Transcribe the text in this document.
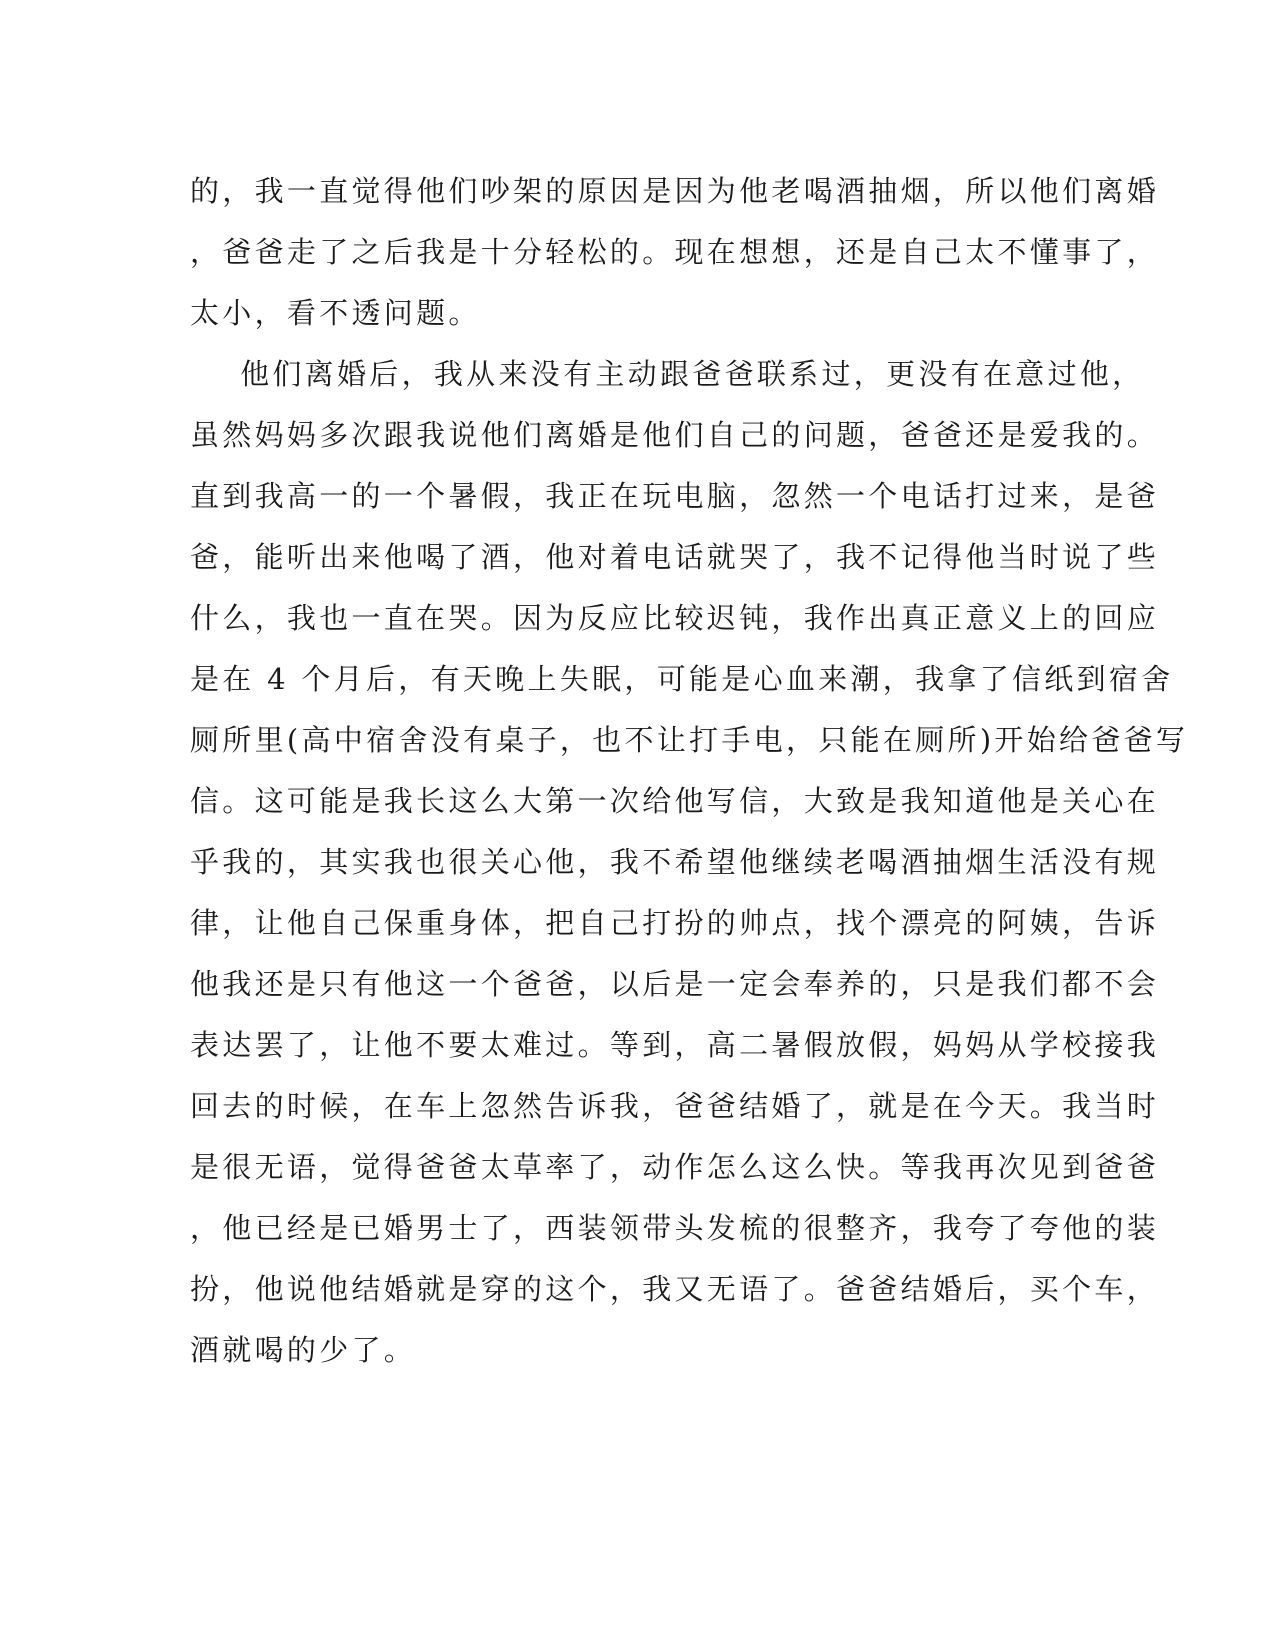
的，我一直觉得他们吵架的原因是因为他老喝酒抽烟，所以他们离婚
，爸爸走了之后我是十分轻松的。现在想想，还是自己太不懂事了，
太小，看不透问题。
他们离婚后，我从来没有主动跟爸爸联系过，更没有在意过他，
虽然妈妈多次跟我说他们离婚是他们自己的问题，爸爸还是爱我的。
直到我高一的一个暑假，我正在玩电脑，忽然一个电话打过来，是爸
爸，能听出来他喝了酒，他对着电话就哭了，我不记得他当时说了些
什么，我也一直在哭。因为反应比较迟钝，我作出真正意义上的回应
是在 4 个月后，有天晚上失眠，可能是心血来潮，我拿了信纸到宿舍
厕所里(高中宿舍没有桌子，也不让打手电，只能在厕所)开始给爸爸写
信。这可能是我长这么大第一次给他写信，大致是我知道他是关心在
乎我的，其实我也很关心他，我不希望他继续老喝酒抽烟生活没有规
律，让他自己保重身体，把自己打扮的帅点，找个漂亮的阿姨，告诉
他我还是只有他这一个爸爸，以后是一定会奉养的，只是我们都不会
表达罢了，让他不要太难过。等到，高二暑假放假，妈妈从学校接我
回去的时候，在车上忽然告诉我，爸爸结婚了，就是在今天。我当时
是很无语，觉得爸爸太草率了，动作怎么这么快。等我再次见到爸爸
，他已经是已婚男士了，西装领带头发梳的很整齐，我夸了夸他的装
扮，他说他结婚就是穿的这个，我又无语了。爸爸结婚后，买个车，
酒就喝的少了。
